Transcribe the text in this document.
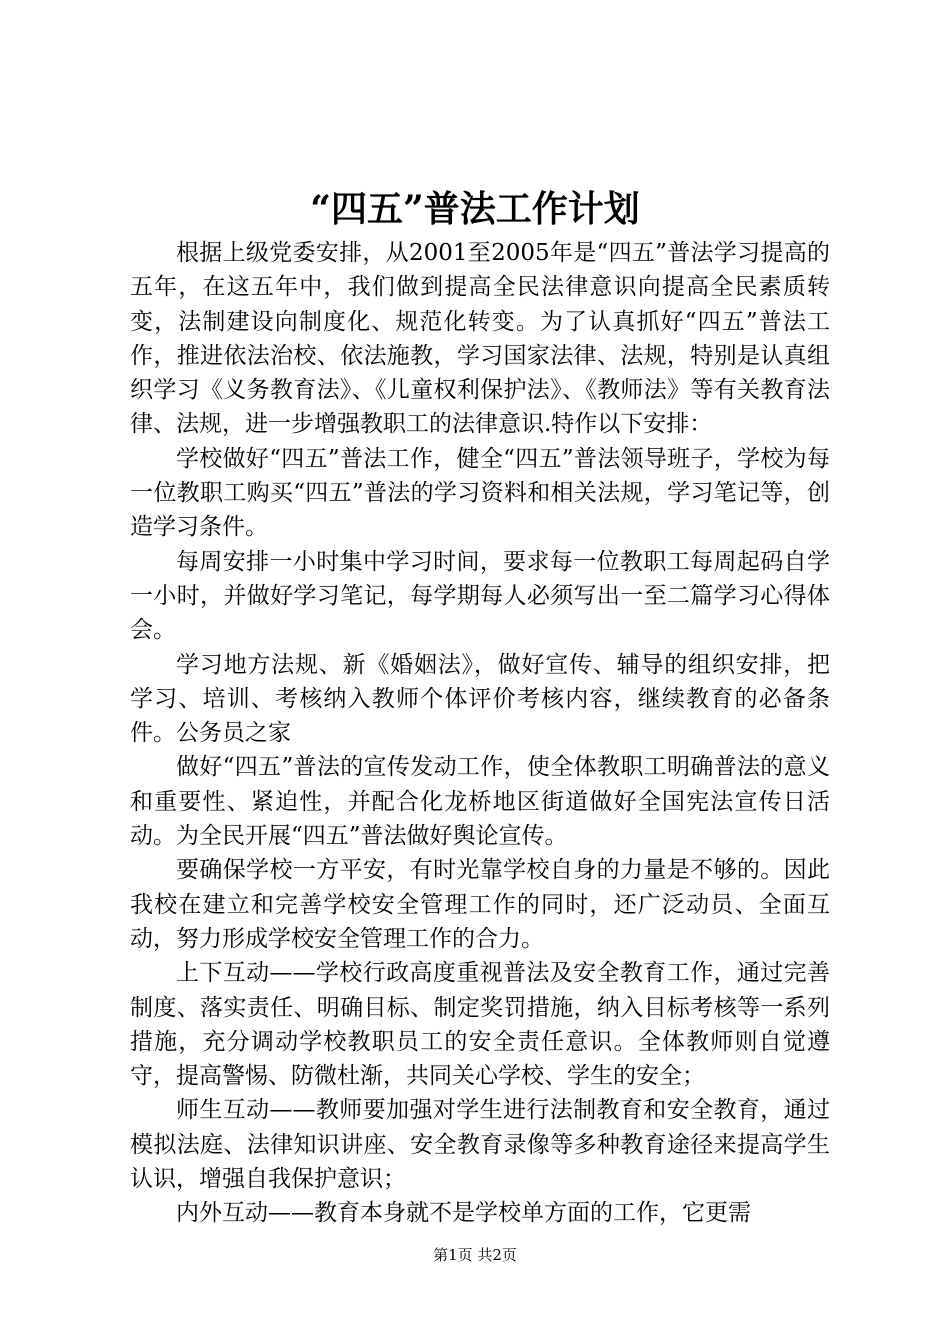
“四五”普法工作计划

根据上级党委安排，从2001至2005年是“四五”普法学习提高的五年，在这五年中，我们做到提高全民法律意识向提高全民素质转变，法制建设向制度化、规范化转变。为了认真抓好“四五”普法工作，推进依法治校、依法施教，学习国家法律、法规，特别是认真组织学习《义务教育法》、《儿童权利保护法》、《教师法》等有关教育法律、法规，进一步增强教职工的法律意识.特作以下安排：

学校做好“四五”普法工作，健全“四五”普法领导班子，学校为每一位教职工购买“四五”普法的学习资料和相关法规，学习笔记等，创造学习条件。

每周安排一小时集中学习时间，要求每一位教职工每周起码自学一小时，并做好学习笔记，每学期每人必须写出一至二篇学习心得体会。

学习地方法规、新《婚姻法》，做好宣传、辅导的组织安排，把学习、培训、考核纳入教师个体评价考核内容，继续教育的必备条件。公务员之家

做好“四五”普法的宣传发动工作，使全体教职工明确普法的意义和重要性、紧迫性，并配合化龙桥地区街道做好全国宪法宣传日活动。为全民开展“四五”普法做好舆论宣传。

要确保学校一方平安，有时光靠学校自身的力量是不够的。因此我校在建立和完善学校安全管理工作的同时，还广泛动员、全面互动，努力形成学校安全管理工作的合力。

上下互动——学校行政高度重视普法及安全教育工作，通过完善制度、落实责任、明确目标、制定奖罚措施，纳入目标考核等一系列措施，充分调动学校教职员工的安全责任意识。全体教师则自觉遵守，提高警惕、防微杜渐，共同关心学校、学生的安全；

师生互动——教师要加强对学生进行法制教育和安全教育，通过模拟法庭、法律知识讲座、安全教育录像等多种教育途径来提高学生认识，增强自我保护意识；

内外互动——教育本身就不是学校单方面的工作，它更需

第1页 共2页
